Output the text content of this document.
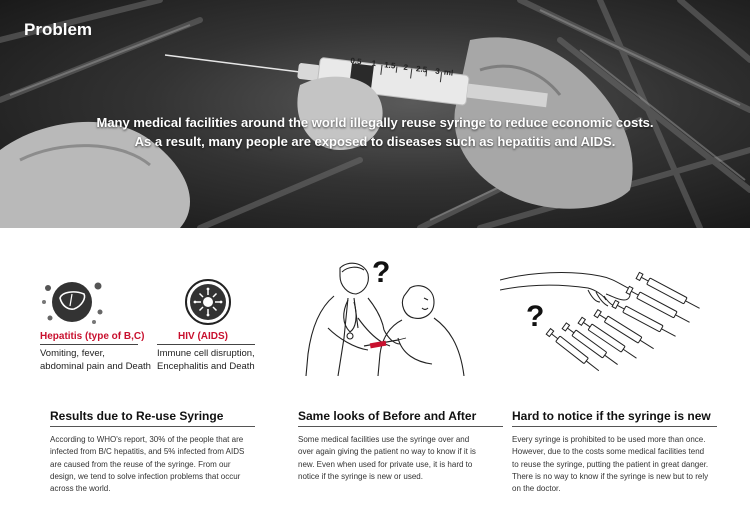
0.5 1 1.5 2 2.5 3 ml
Problem
Many medical facilities around the world illegally reuse syringe to reduce economic costs.
As a result, many people are exposed to diseases such as hepatitis and AIDS.
Hepatitis (type of B,C)
Vomiting, fever,
abdominal pain and Death
HIV (AIDS)
Immune cell disruption,
Encephalitis and Death
?
?
Results due to Re-use Syringe
According to WHO's report, 30% of the people that are infected from B/C hepatitis, and 5% infected from AIDS are caused from the reuse of the syringe. From our design, we tend to solve infection problems that occur across the world.
Same looks of Before and After
Some medical facilities use the syringe over and over again giving the patient no way to know if it is new. Even when used for private use, it is hard to notice if the syringe is new or used.
Hard to notice if the syringe is new
Every syringe is prohibited to be used more than once. However, due to the costs some medical facilities tend to reuse the syringe, putting the patient in great danger. There is no way to know if the syringe is new but to rely on the doctor.
